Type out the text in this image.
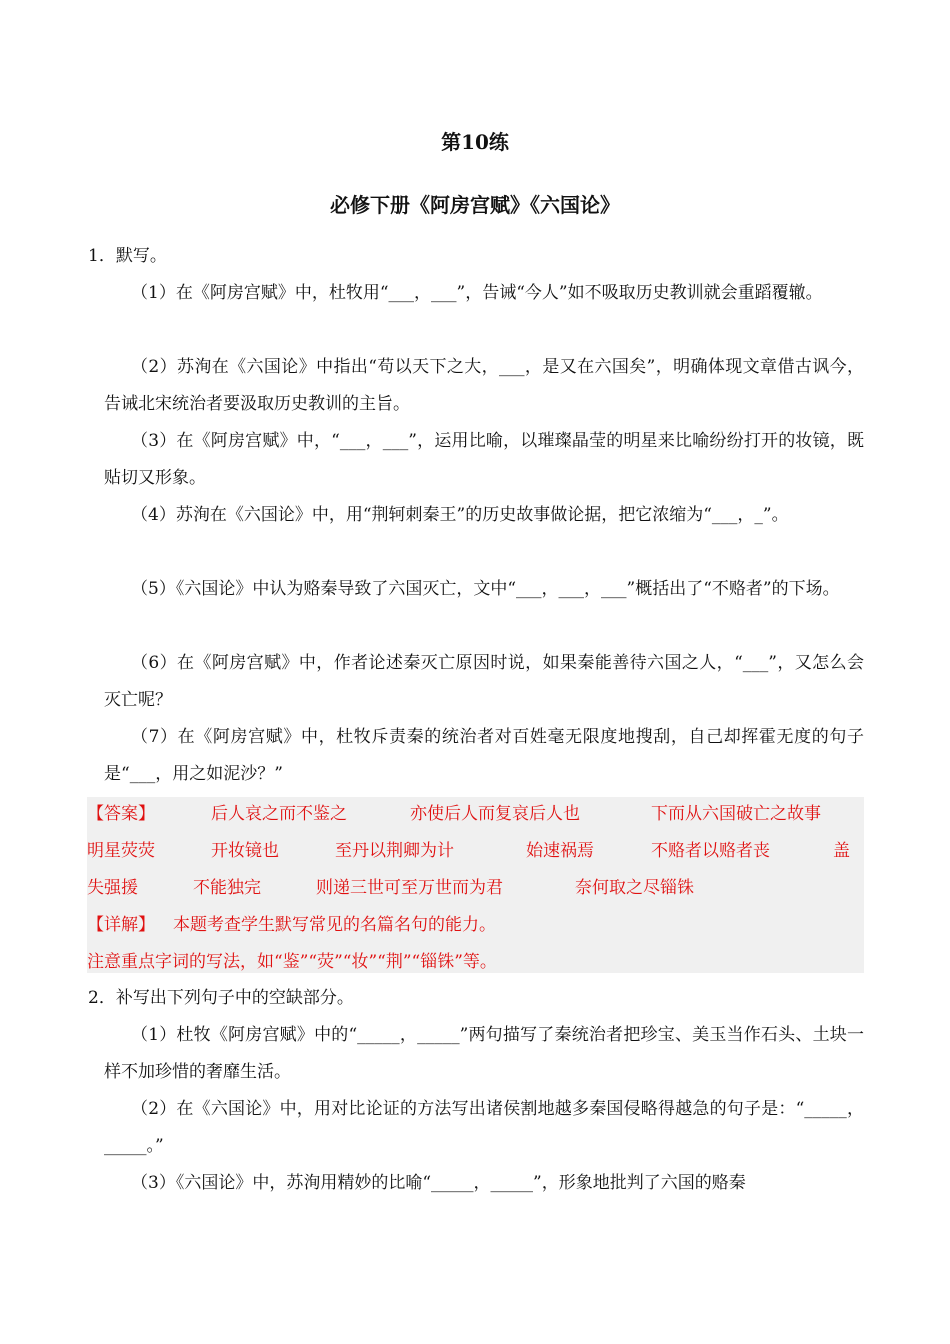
第10练
必修下册《阿房宫赋》《六国论》
1．默写。
（1）在《阿房宫赋》中，杜牧用“___，___”，告诫“今人”如不吸取历史教训就会重蹈覆辙。
（2）苏洵在《六国论》中指出“苟以天下之大，___，是又在六国矣”，明确体现文章借古讽今，告诫北宋统治者要汲取历史教训的主旨。
（3）在《阿房宫赋》中，“___，___”，运用比喻，以璀璨晶莹的明星来比喻纷纷打开的妆镜，既贴切又形象。
（4）苏洵在《六国论》中，用“荆轲刺秦王”的历史故事做论据，把它浓缩为“___，_”。
（5）《六国论》中认为赂秦导致了六国灭亡，文中“___，___，___”概括出了“不赂者”的下场。
（6）在《阿房宫赋》中，作者论述秦灭亡原因时说，如果秦能善待六国之人，“___”，又怎么会灭亡呢？
（7）在《阿房宫赋》中，杜牧斥责秦的统治者对百姓毫无限度地搜刮，自己却挥霍无度的句子是“___，用之如泥沙？”
【答案】	后人哀之而不鉴之	亦使后人而复哀后人也	下而从六国破亡之故事
明星荧荧	开妆镜也	至丹以荆卿为计	始速祸焉	不赂者以赂者丧	盖
失强援	不能独完	则递三世可至万世而为君	奈何取之尽锱铢
【详解】 本题考查学生默写常见的名篇名句的能力。
注意重点字词的写法，如“鉴”“荧”“妆”“荆”“锱铢”等。
2．补写出下列句子中的空缺部分。
（1）杜牧《阿房宫赋》中的“_____，_____”两句描写了秦统治者把珍宝、美玉当作石头、土块一样不加珍惜的奢靡生活。
（2）在《六国论》中，用对比论证的方法写出诸侯割地越多秦国侵略得越急的句子是：“_____，_____。”
（3）《六国论》中，苏洵用精妙的比喻“_____，_____”，形象地批判了六国的赂秦
